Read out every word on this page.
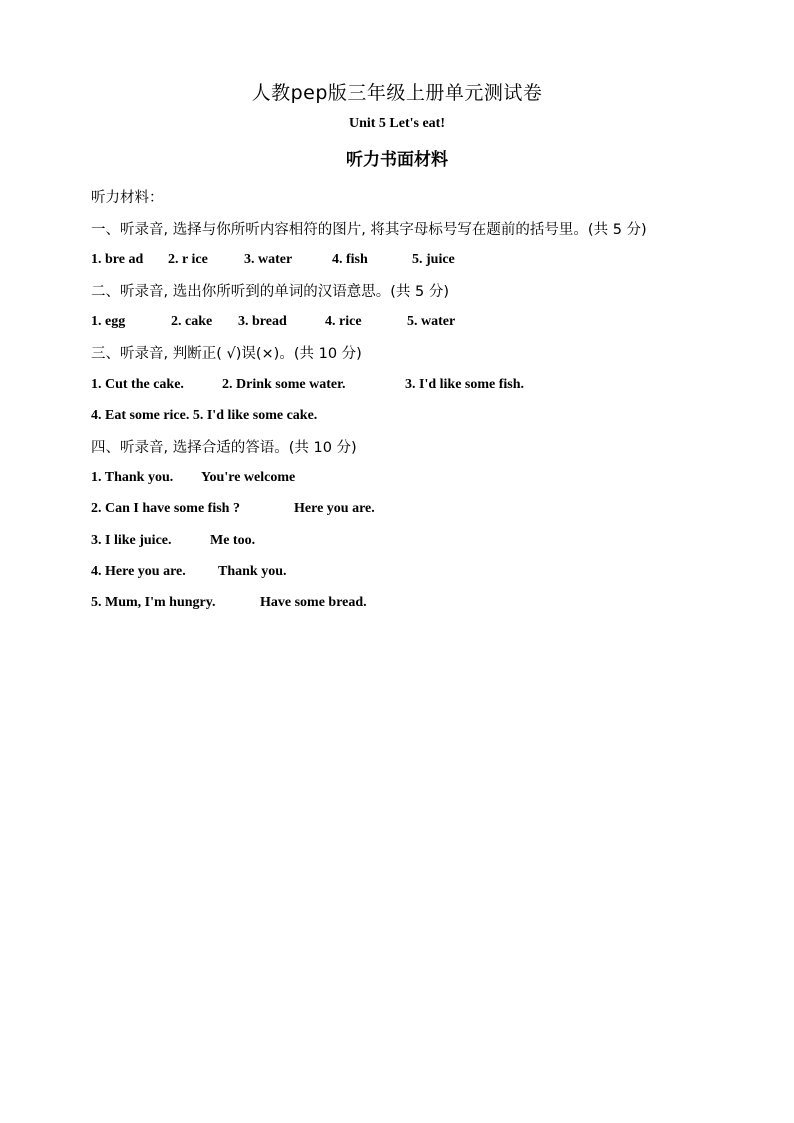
人教pep版三年级上册单元测试卷
Unit 5 Let's eat!
听力书面材料
听力材料：
一、听录音, 选择与你所听内容相符的图片, 将其字母标号写在题前的括号里。(共 5 分)
1. bre ad 2. r ice	3. water	4. fish	5. juice
二、听录音, 选出你所听到的单词的汉语意思。(共 5 分)
1. egg	2. cake 3. bread	4. rice	5. water
三、听录音, 判断正( √)误(×)。(共 10 分)
1. Cut the cake.	2. Drink some water.	3. I'd like some fish.
4. Eat some rice. 5. I'd like some cake.
四、听录音, 选择合适的答语。(共 10 分)
1. Thank you. You're welcome
2. Can I have some fish ?	Here you are.
3. I like juice.	Me too.
4. Here you are. Thank you.
5. Mum, I'm hungry.	Have some bread.
